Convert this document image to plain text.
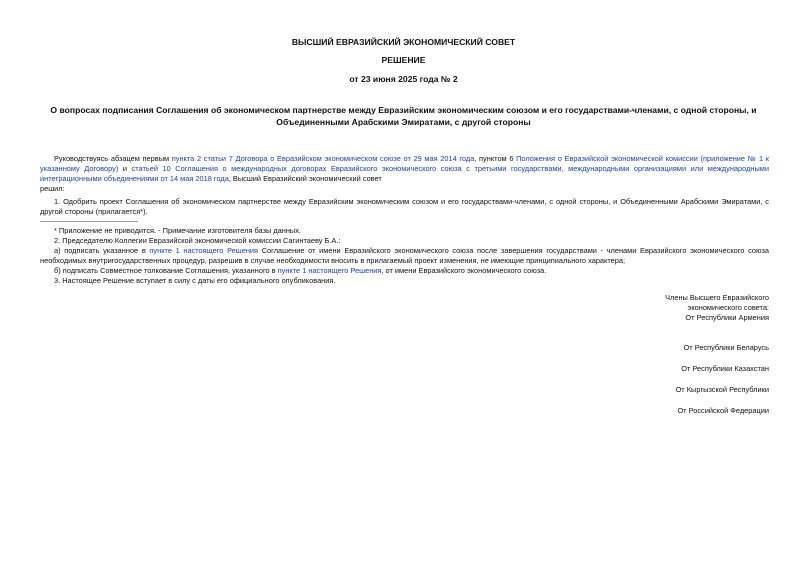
ВЫСШИЙ ЕВРАЗИЙСКИЙ ЭКОНОМИЧЕСКИЙ СОВЕТ
РЕШЕНИЕ
от 23 июня 2025 года № 2
О вопросах подписания Соглашения об экономическом партнерстве между Евразийским экономическим союзом и его государствами-членами, с одной стороны, и Объединенными Арабскими Эмиратами, с другой стороны

Руководствуясь абзацем первым пункта 2 статьи 7 Договора о Евразийском экономическом союзе от 29 мая 2014 года, пунктом 6 Положения о Евразийской экономической комиссии (приложение № 1 к указанному Договору) и статьей 10 Соглашения о международных договорах Евразийского экономического союза с третьими государствами, международными организациями или международными интеграционными объединениями от 14 мая 2018 года, Высший Евразийский экономический совет

решил:

1. Одобрить проект Соглашения об экономическом партнерстве между Евразийским экономическим союзом и его государствами-членами, с одной стороны, и Объединенными Арабскими Эмиратами, с другой стороны (прилагается*).

* Приложение не приводится. - Примечание изготовителя базы данных.

2. Председателю Коллегии Евразийской экономической комиссии Сагинтаеву Б.А.:

а) подписать указанное в пункте 1 настоящего Решения Соглашение от имени Евразийского экономического союза после завершения государствами - членами Евразийского экономического союза необходимых внутригосударственных процедур, разрешив в случае необходимости вносить в прилагаемый проект изменения, не имеющие принципиального характера;

б) подписать Совместное толкование Соглашения, указанного в пункте 1 настоящего Решения, от имени Евразийского экономического союза.

3. Настоящее Решение вступает в силу с даты его официального опубликования.

Члены Высшего Евразийского
экономического совета:
От Республики Армения
От Республики Беларусь
От Республики Казахстан
От Кыргызской Республики
От Российской Федерации
